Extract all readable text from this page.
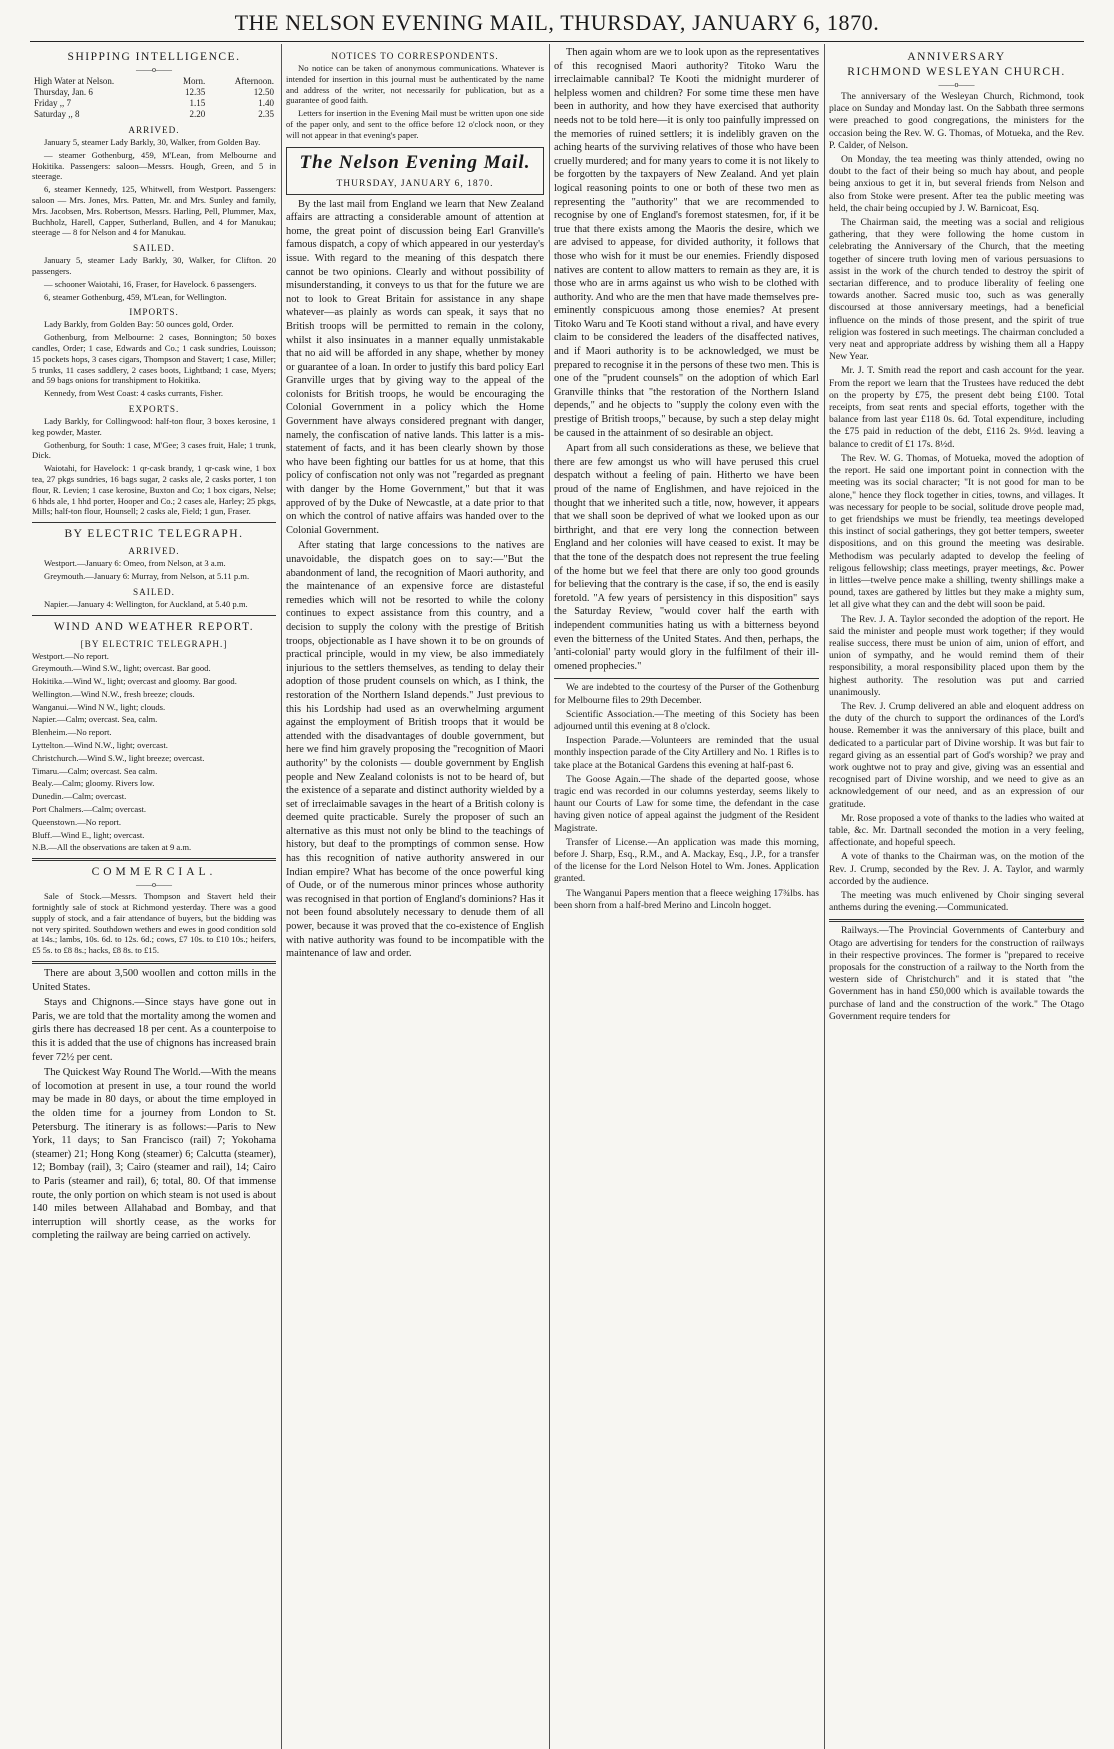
THE NELSON EVENING MAIL, THURSDAY, JANUARY 6, 1870.
SHIPPING INTELLIGENCE.
——o——
High Water at Nelson.	Morn.	Afternoon.
Thursday, Jan. 6	12.35	12.50
Friday ,, 7	1.15	1.40
Saturday ,, 8	2.20	2.35
ARRIVED.

January 5, steamer Lady Barkly, 30, Walker, from Golden Bay.

— steamer Gothenburg, 459, M'Lean, from Melbourne and Hokitika. Passengers: saloon—Messrs. Hough, Green, and 5 in steerage.

6, steamer Kennedy, 125, Whitwell, from Westport. Passengers: saloon — Mrs. Jones, Mrs. Patten, Mr. and Mrs. Sunley and family, Mrs. Jacobsen, Mrs. Robertson, Messrs. Harling, Pell, Plummer, Max, Buchholz, Harell, Capper, Sutherland, Bullen, and 4 for Manukau; steerage — 8 for Nelson and 4 for Manukau.

SAILED.

January 5, steamer Lady Barkly, 30, Walker, for Clifton. 20 passengers.

— schooner Waiotahi, 16, Fraser, for Havelock. 6 passengers.

6, steamer Gothenburg, 459, M'Lean, for Wellington.

IMPORTS.

Lady Barkly, from Golden Bay: 50 ounces gold, Order.

Gothenburg, from Melbourne: 2 cases, Bonnington; 50 boxes candles, Order; 1 case, Edwards and Co.; 1 cask sundries, Louisson; 15 pockets hops, 3 cases cigars, Thompson and Stavert; 1 case, Miller; 5 trunks, 11 cases saddlery, 2 cases boots, Lightband; 1 case, Myers; and 59 bags onions for transhipment to Hokitika.

Kennedy, from West Coast: 4 casks currants, Fisher.

EXPORTS.

Lady Barkly, for Collingwood: half-ton flour, 3 boxes kerosine, 1 keg powder, Master.

Gothenburg, for South: 1 case, M'Gee; 3 cases fruit, Hale; 1 trunk, Dick.

Waiotahi, for Havelock: 1 qr-cask brandy, 1 qr-cask wine, 1 box tea, 27 pkgs sundries, 16 bags sugar, 2 casks ale, 2 casks porter, 1 ton flour, R. Levien; 1 case kerosine, Buxton and Co; 1 box cigars, Nelse; 6 hhds ale, 1 hhd porter, Hooper and Co.; 2 cases ale, Harley; 25 pkgs, Mills; half-ton flour, Hounsell; 2 casks ale, Field; 1 gun, Fraser.

BY ELECTRIC TELEGRAPH.
ARRIVED.

Westport.—January 6: Omeo, from Nelson, at 3 a.m.

Greymouth.—January 6: Murray, from Nelson, at 5.11 p.m.

SAILED.

Napier.—January 4: Wellington, for Auckland, at 5.40 p.m.

WIND AND WEATHER REPORT.
[BY ELECTRIC TELEGRAPH.]

Westport.—No report.

Greymouth.—Wind S.W., light; overcast. Bar good.

Hokitika.—Wind W., light; overcast and gloomy. Bar good.

Wellington.—Wind N.W., fresh breeze; clouds.

Wanganui.—Wind N W., light; clouds.

Napier.—Calm; overcast. Sea, calm.

Blenheim.—No report.

Lyttelton.—Wind N.W., light; overcast.

Christchurch.—Wind S.W., light breeze; overcast.

Timaru.—Calm; overcast. Sea calm.

Bealy.—Calm; gloomy. Rivers low.

Dunedin.—Calm; overcast.

Port Chalmers.—Calm; overcast.

Queenstown.—No report.

Bluff.—Wind E., light; overcast.

N.B.—All the observations are taken at 9 a.m.

COMMERCIAL.
——o——

Sale of Stock.—Messrs. Thompson and Stavert held their fortnightly sale of stock at Richmond yesterday. There was a good supply of stock, and a fair attendance of buyers, but the bidding was not very spirited. Southdown wethers and ewes in good condition sold at 14s.; lambs, 10s. 6d. to 12s. 6d.; cows, £7 10s. to £10 10s.; heifers, £5 5s. to £8 8s.; hacks, £8 8s. to £15.

There are about 3,500 woollen and cotton mills in the United States.

Stays and Chignons.—Since stays have gone out in Paris, we are told that the mortality among the women and girls there has decreased 18 per cent. As a counterpoise to this it is added that the use of chignons has increased brain fever 72½ per cent.

The Quickest Way Round The World.—With the means of locomotion at present in use, a tour round the world may be made in 80 days, or about the time employed in the olden time for a journey from London to St. Petersburg. The itinerary is as follows:—Paris to New York, 11 days; to San Francisco (rail) 7; Yokohama (steamer) 21; Hong Kong (steamer) 6; Calcutta (steamer), 12; Bombay (rail), 3; Cairo (steamer and rail), 14; Cairo to Paris (steamer and rail), 6; total, 80. Of that immense route, the only portion on which steam is not used is about 140 miles between Allahabad and Bombay, and that interruption will shortly cease, as the works for completing the railway are being carried on actively.

NOTICES TO CORRESPONDENTS.

No notice can be taken of anonymous communications. Whatever is intended for insertion in this journal must be authenticated by the name and address of the writer, not necessarily for publication, but as a guarantee of good faith.

Letters for insertion in the Evening Mail must be written upon one side of the paper only, and sent to the office before 12 o'clock noon, or they will not appear in that evening's paper.

The Nelson Evening Mail.
THURSDAY, JANUARY 6, 1870.

By the last mail from England we learn that New Zealand affairs are attracting a considerable amount of attention at home, the great point of discussion being Earl Granville's famous dispatch, a copy of which appeared in our yesterday's issue. With regard to the meaning of this despatch there cannot be two opinions. Clearly and without possibility of misunderstanding, it conveys to us that for the future we are not to look to Great Britain for assistance in any shape whatever—as plainly as words can speak, it says that no British troops will be permitted to remain in the colony, whilst it also insinuates in a manner equally unmistakable that no aid will be afforded in any shape, whether by money or guarantee of a loan. In order to justify this bard policy Earl Granville urges that by giving way to the appeal of the colonists for British troops, he would be encouraging the Colonial Government in a policy which the Home Government have always considered pregnant with danger, namely, the confiscation of native lands. This latter is a mis-statement of facts, and it has been clearly shown by those who have been fighting our battles for us at home, that this policy of confiscation not only was not "regarded as pregnant with danger by the Home Government," but that it was approved of by the Duke of Newcastle, at a date prior to that on which the control of native affairs was handed over to the Colonial Government.

After stating that large concessions to the natives are unavoidable, the dispatch goes on to say:—"But the abandonment of land, the recognition of Maori authority, and the maintenance of an expensive force are distasteful remedies which will not be resorted to while the colony continues to expect assistance from this country, and a decision to supply the colony with the prestige of British troops, objectionable as I have shown it to be on grounds of practical principle, would in my view, be also immediately injurious to the settlers themselves, as tending to delay their adoption of those prudent counsels on which, as I think, the restoration of the Northern Island depends." Just previous to this his Lordship had used as an overwhelming argument against the employment of British troops that it would be attended with the disadvantages of double government, but here we find him gravely proposing the "recognition of Maori authority" by the colonists — double government by English people and New Zealand colonists is not to be heard of, but the existence of a separate and distinct authority wielded by a set of irreclaimable savages in the heart of a British colony is deemed quite practicable. Surely the proposer of such an alternative as this must not only be blind to the teachings of history, but deaf to the promptings of common sense. How has this recognition of native authority answered in our Indian empire? What has become of the once powerful king of Oude, or of the numerous minor princes whose authority was recognised in that portion of England's dominions? Has it not been found absolutely necessary to denude them of all power, because it was proved that the co-existence of English with native authority was found to be incompatible with the maintenance of law and order.

Then again whom are we to look upon as the representatives of this recognised Maori authority? Titoko Waru the irreclaimable cannibal? Te Kooti the midnight murderer of helpless women and children? For some time these men have been in authority, and how they have exercised that authority needs not to be told here—it is only too painfully impressed on the memories of ruined settlers; it is indelibly graven on the aching hearts of the surviving relatives of those who have been cruelly murdered; and for many years to come it is not likely to be forgotten by the taxpayers of New Zealand. And yet plain logical reasoning points to one or both of these two men as representing the "authority" that we are recommended to recognise by one of England's foremost statesmen, for, if it be true that there exists among the Maoris the desire, which we are advised to appease, for divided authority, it follows that those who wish for it must be our enemies. Friendly disposed natives are content to allow matters to remain as they are, it is those who are in arms against us who wish to be clothed with authority. And who are the men that have made themselves pre-eminently conspicuous among those enemies? At present Titoko Waru and Te Kooti stand without a rival, and have every claim to be considered the leaders of the disaffected natives, and if Maori authority is to be acknowledged, we must be prepared to recognise it in the persons of these two men. This is one of the "prudent counsels" on the adoption of which Earl Granville thinks that "the restoration of the Northern Island depends," and he objects to "supply the colony even with the prestige of British troops," because, by such a step delay might be caused in the attainment of so desirable an object.

Apart from all such considerations as these, we believe that there are few amongst us who will have perused this cruel despatch without a feeling of pain. Hitherto we have been proud of the name of Englishmen, and have rejoiced in the thought that we inherited such a title, now, however, it appears that we shall soon be deprived of what we looked upon as our birthright, and that ere very long the connection between England and her colonies will have ceased to exist. It may be that the tone of the despatch does not represent the true feeling of the home but we feel that there are only too good grounds for believing that the contrary is the case, if so, the end is easily foretold. "A few years of persistency in this disposition" says the Saturday Review, "would cover half the earth with independent communities hating us with a bitterness beyond even the bitterness of the United States. And then, perhaps, the 'anti-colonial' party would glory in the fulfilment of their ill-omened prophecies."

We are indebted to the courtesy of the Purser of the Gothenburg for Melbourne files to 29th December.

Scientific Association.—The meeting of this Society has been adjourned until this evening at 8 o'clock.

Inspection Parade.—Volunteers are reminded that the usual monthly inspection parade of the City Artillery and No. 1 Rifles is to take place at the Botanical Gardens this evening at half-past 6.

The Goose Again.—The shade of the departed goose, whose tragic end was recorded in our columns yesterday, seems likely to haunt our Courts of Law for some time, the defendant in the case having given notice of appeal against the judgment of the Resident Magistrate.

Transfer of License.—An application was made this morning, before J. Sharp, Esq., R.M., and A. Mackay, Esq., J.P., for a transfer of the license for the Lord Nelson Hotel to Wm. Jones. Application granted.

The Wanganui Papers mention that a fleece weighing 17¾lbs. has been shorn from a half-bred Merino and Lincoln hogget.

ANNIVERSARY
RICHMOND WESLEYAN CHURCH.
——o——

The anniversary of the Wesleyan Church, Richmond, took place on Sunday and Monday last. On the Sabbath three sermons were preached to good congregations, the ministers for the occasion being the Rev. W. G. Thomas, of Motueka, and the Rev. P. Calder, of Nelson.

On Monday, the tea meeting was thinly attended, owing no doubt to the fact of their being so much hay about, and people being anxious to get it in, but several friends from Nelson and also from Stoke were present. After tea the public meeting was held, the chair being occupied by J. W. Barnicoat, Esq.

The Chairman said, the meeting was a social and religious gathering, that they were following the home custom in celebrating the Anniversary of the Church, that the meeting together of sincere truth loving men of various persuasions to assist in the work of the church tended to destroy the spirit of sectarian difference, and to produce liberality of feeling one towards another. Sacred music too, such as was generally discoursed at those anniversary meetings, had a beneficial influence on the minds of those present, and the spirit of true religion was fostered in such meetings. The chairman concluded a very neat and appropriate address by wishing them all a Happy New Year.

Mr. J. T. Smith read the report and cash account for the year. From the report we learn that the Trustees have reduced the debt on the property by £75, the present debt being £100. Total receipts, from seat rents and special efforts, together with the balance from last year £118 0s. 6d. Total expenditure, including the £75 paid in reduction of the debt, £116 2s. 9½d. leaving a balance to credit of £1 17s. 8½d.

The Rev. W. G. Thomas, of Motueka, moved the adoption of the report. He said one important point in connection with the meeting was its social character; "It is not good for man to be alone," hence they flock together in cities, towns, and villages. It was necessary for people to be social, solitude drove people mad, to get friendships we must be friendly, tea meetings developed this instinct of social gatherings, they got better tempers, sweeter dispositions, and on this ground the meeting was desirable. Methodism was pecularly adapted to develop the feeling of religous fellowship; class meetings, prayer meetings, &c. Power in littles—twelve pence make a shilling, twenty shillings make a pound, taxes are gathered by littles but they make a mighty sum, let all give what they can and the debt will soon be paid.

The Rev. J. A. Taylor seconded the adoption of the report. He said the minister and people must work together; if they would realise success, there must be union of aim, union of effort, and union of sympathy, and he would remind them of their responsibility, a moral responsibility placed upon them by the highest authority. The resolution was put and carried unanimously.

The Rev. J. Crump delivered an able and eloquent address on the duty of the church to support the ordinances of the Lord's house. Remember it was the anniversary of this place, built and dedicated to a particular part of Divine worship. It was but fair to regard giving as an essential part of God's worship? we pray and work oughtwe not to pray and give, giving was an essential and recognised part of Divine worship, and we need to give as an acknowledgement of our need, and as an expression of our gratitude.

Mr. Rose proposed a vote of thanks to the ladies who waited at table, &c. Mr. Dartnall seconded the motion in a very feeling, affectionate, and hopeful speech.

A vote of thanks to the Chairman was, on the motion of the Rev. J. Crump, seconded by the Rev. J. A. Taylor, and warmly accorded by the audience.

The meeting was much enlivened by Choir singing several anthems during the evening.—Communicated.

Railways.—The Provincial Governments of Canterbury and Otago are advertising for tenders for the construction of railways in their respective provinces. The former is "prepared to receive proposals for the construction of a railway to the North from the western side of Christchurch" and it is stated that "the Government has in hand £50,000 which is available towards the purchase of land and the construction of the work." The Otago Government require tenders for
